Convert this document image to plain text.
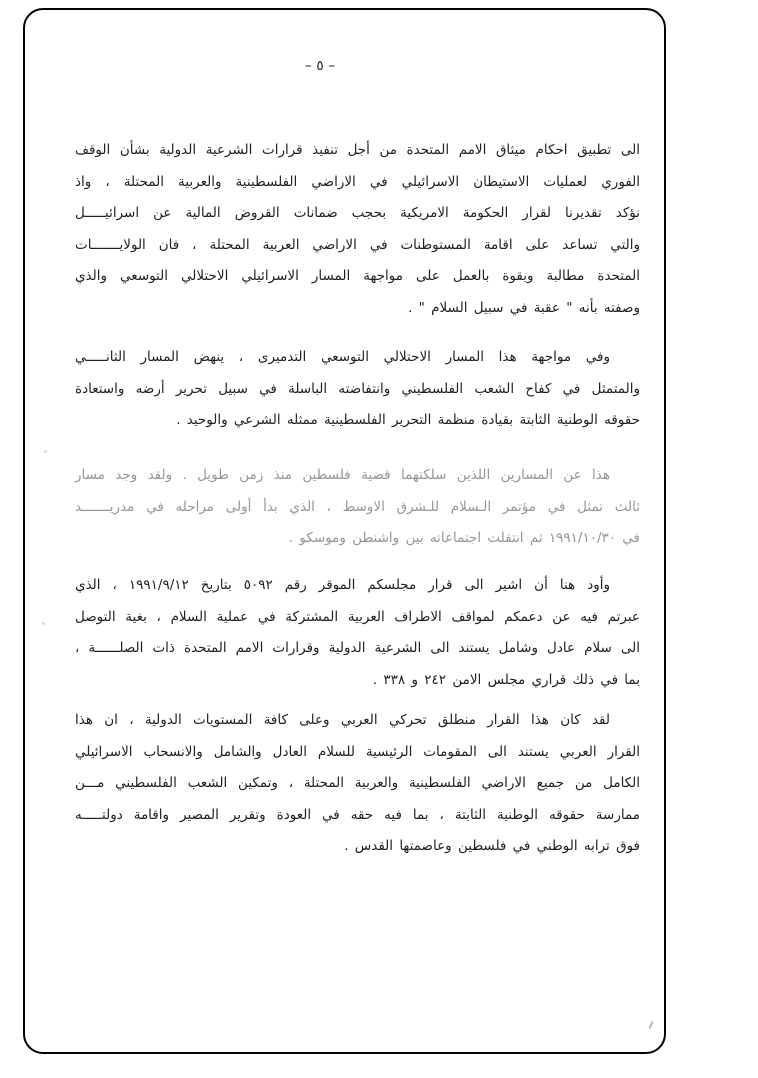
– ٥ –
الى تطبيق احكام ميثاق الامم المتحدة من أجل تنفيذ قرارات الشرعية الدولية بشأن الوقف
الفوري لعمليات الاستيطان الاسرائيلي في الاراضي الفلسطينية والعربية المحتلة ، واذ
نؤكد تقديرنا لقرار الحكومة الامريكية بحجب ضمانات القروض المالية عن اسرائيـــــل
والتي تساعد على اقامة المستوطنات في الاراضي العربية المحتلة ، فان الولايـــــــات
المتحدة مطالبة وبقوة بالعمل على مواجهة المسار الاسرائيلي الاحتلالي التوسعي والذي
وصفته بأنه " عقبة في سبيل السلام " .
وفي مواجهة هذا المسار الاحتلالي التوسعي التدميرى ، ينهض المسار الثانـــــي
والمتمثل في كفاح الشعب الفلسطيني وانتفاضته الباسلة في سبيل تحرير أرضه واستعادة
حقوقه الوطنية الثابتة بقيادة منظمة التحرير الفلسطينية ممثله الشرعي والوحيد .
هذا عن المسارين اللذين سلكتهما قضية فلسطين منذ زمن طويل . ولقد وجد مسار
ثالث تمثل في مؤتمر الـسلام للـشرق الاوسط ، الذي بدأ أولى مراحله في مدريـــــــد
في ١٩٩١/١٠/٣٠ ثم انتقلت اجتماعاته بين واشنطن وموسكو .
وأود هنا أن اشير الى قرار مجلسكم الموقر رقم ٥٠٩٢ بتاريخ ١٩٩١/٩/١٢ ، الذي
عبرتم فيه عن دعمكم لمواقف الاطراف العربية المشتركة في عملية السلام ، بغية التوصل
الى سلام عادل وشامل يستند الى الشرعية الدولية وقرارات الامم المتحدة ذات الصلــــــة ،
بما في ذلك قراري مجلس الامن ٢٤٢ و ٣٣٨ .
لقد كان هذا القرار منطلق تحركي العربي وعلى كافة المستويات الدولية ، ان هذا
القرار العربي يستند الى المقومات الرئيسية للسلام العادل والشامل والانسحاب الاسرائيلي
الكامل من جميع الاراضي الفلسطينية والعربية المحتلة ، وتمكين الشعب الفلسطيني مـــن
ممارسة حقوقه الوطنية الثابتة ، بما فيه حقه في العودة وتقرير المصير واقامة دولتـــــه
فوق ترابه الوطني في فلسطين وعاصمتها القدس .
